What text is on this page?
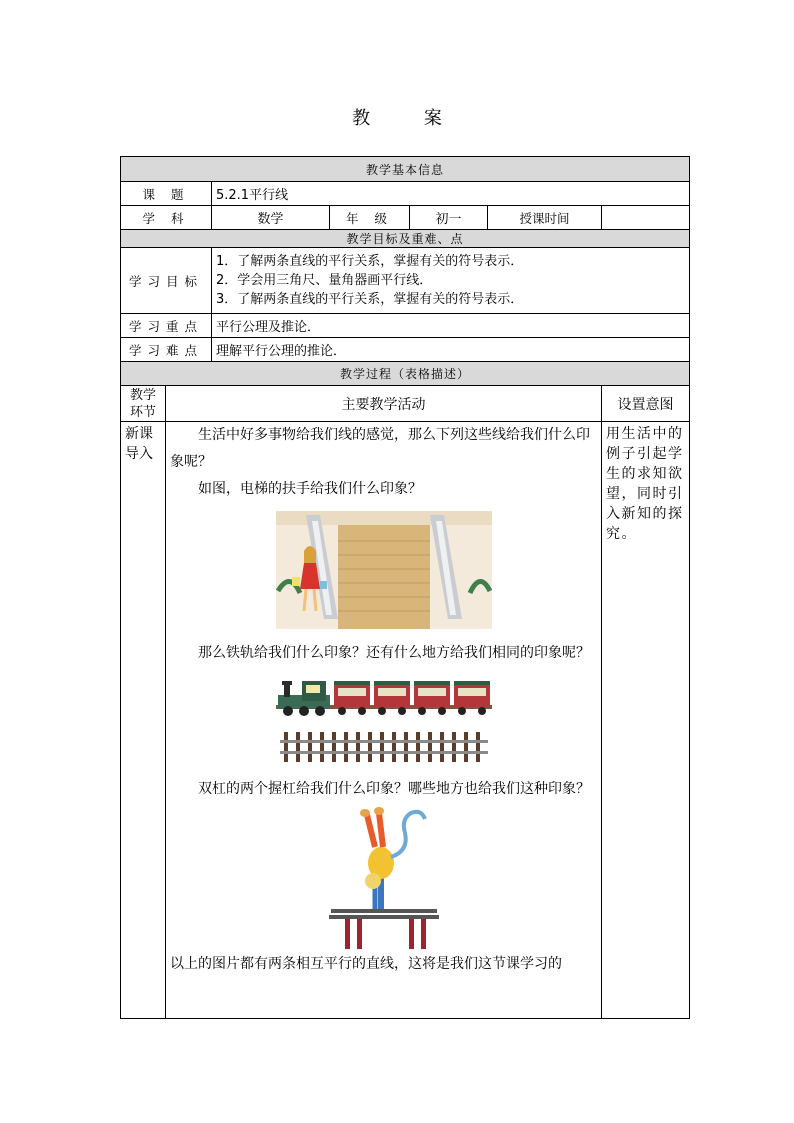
教 案
教学基本信息						
课 题		5.2.1平行线				
学 科		数学	年 级	初一	授课时间	
教学目标及重难、点						
学习目标		1．了解两条直线的平行关系，掌握有关的符号表示．
2．学会用三角尺、量角器画平行线．
3．了解两条直线的平行关系，掌握有关的符号表示．				

学习重点		平行公理及推论．				
学习难点		理解平行公理的推论．				
教学过程（表格描述）						
教学环节	主要教学活动					设置意图
新课导入	生活中好多事物给我们线的感觉，那么下列这些线给我们什么印象呢？

如图，电梯的扶手给我们什么印象？

那么铁轨给我们什么印象？还有什么地方给我们相同的印象呢？

双杠的两个握杠给我们什么印象？哪些地方也给我们这种印象？

以上的图片都有两条相互平行的直线，这将是我们这节课学习的					用生活中的例子引起学生的求知欲望，同时引入新知的探究。
